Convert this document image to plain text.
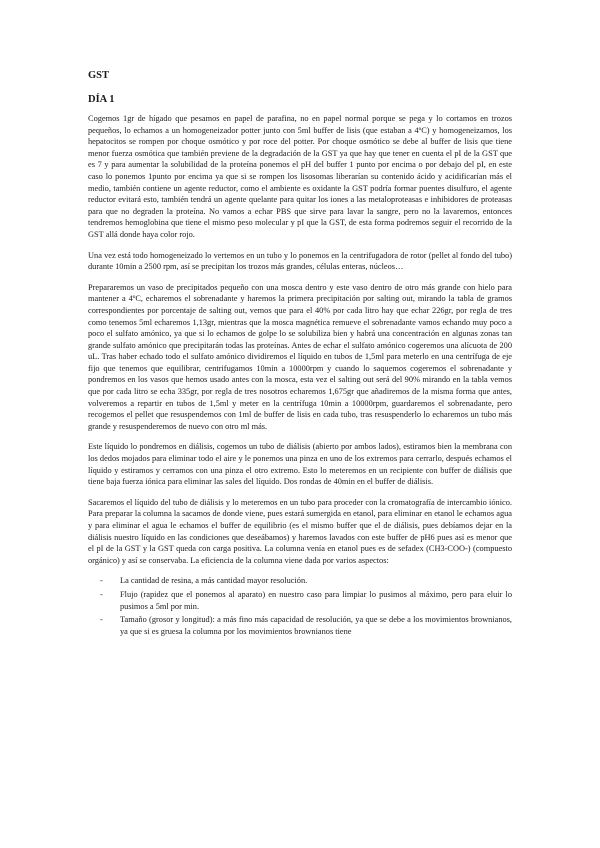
GST
DÍA 1

Cogemos 1gr de hígado que pesamos en papel de parafina, no en papel normal porque se pega y lo cortamos en trozos pequeños, lo echamos a un homogeneizador potter junto con 5ml buffer de lisis (que estaban a 4ºC) y homogeneizamos, los hepatocitos se rompen por choque osmótico y por roce del potter. Por choque osmótico se debe al buffer de lisis que tiene menor fuerza osmótica que también previene de la degradación de la GST ya que hay que tener en cuenta el pI de la GST que es 7 y para aumentar la solubilidad de la proteína ponemos el pH del buffer 1 punto por encima o por debajo del pI, en este caso lo ponemos 1punto por encima ya que si se rompen los lisosomas liberarían su contenido ácido y acidificarían más el medio, también contiene un agente reductor, como el ambiente es oxidante la GST podría formar puentes disulfuro, el agente reductor evitará esto, también tendrá un agente quelante para quitar los iones a las metaloproteasas e inhibidores de proteasas para que no degraden la proteína. No vamos a echar PBS que sirve para lavar la sangre, pero no la lavaremos, entonces tendremos hemoglobina que tiene el mismo peso molecular y pI que la GST, de esta forma podremos seguir el recorrido de la GST allá donde haya color rojo.

Una vez está todo homogeneizado lo vertemos en un tubo y lo ponemos en la centrifugadora de rotor (pellet al fondo del tubo) durante 10min a 2500 rpm, así se precipitan los trozos más grandes, células enteras, núcleos…

Prepararemos un vaso de precipitados pequeño con una mosca dentro y este vaso dentro de otro más grande con hielo para mantener a 4ºC, echaremos el sobrenadante y haremos la primera precipitación por salting out, mirando la tabla de gramos correspondientes por porcentaje de salting out, vemos que para el 40% por cada litro hay que echar 226gr, por regla de tres como tenemos 5ml echaremos 1,13gr, mientras que la mosca magnética remueve el sobrenadante vamos echando muy poco a poco el sulfato amónico, ya que si lo echamos de golpe lo se solubiliza bien y habrá una concentración en algunas zonas tan grande sulfato amónico que precipitarán todas las proteínas. Antes de echar el sulfato amónico cogeremos una alícuota de 200 uL. Tras haber echado todo el sulfato amónico dividiremos el líquido en tubos de 1,5ml para meterlo en una centrífuga de eje fijo que tenemos que equilibrar, centrifugamos 10min a 10000rpm y cuando lo saquemos cogeremos el sobrenadante y pondremos en los vasos que hemos usado antes con la mosca, esta vez el salting out será del 90% mirando en la tabla vemos que por cada litro se echa 335gr, por regla de tres nosotros echaremos 1,675gr que añadiremos de la misma forma que antes, volveremos a repartir en tubos de 1,5ml y meter en la centrífuga 10min a 10000rpm, guardaremos el sobrenadante, pero recogemos el pellet que resuspendemos con 1ml de buffer de lisis en cada tubo, tras resuspenderlo lo echaremos un tubo más grande y resuspenderemos de nuevo con otro ml más.

Este líquido lo pondremos en diálisis, cogemos un tubo de diálisis (abierto por ambos lados), estiramos bien la membrana con los dedos mojados para eliminar todo el aire y le ponemos una pinza en uno de los extremos para cerrarlo, después echamos el líquido y estiramos y cerramos con una pinza el otro extremo. Esto lo meteremos en un recipiente con buffer de diálisis que tiene baja fuerza iónica para eliminar las sales del líquido. Dos rondas de 40min en el buffer de diálisis.

Sacaremos el líquido del tubo de diálisis y lo meteremos en un tubo para proceder con la cromatografía de intercambio iónico. Para preparar la columna la sacamos de donde viene, pues estará sumergida en etanol, para eliminar en etanol le echamos agua y para eliminar el agua le echamos el buffer de equilibrio (es el mismo buffer que el de diálisis, pues debíamos dejar en la diálisis nuestro líquido en las condiciones que deseábamos) y haremos lavados con este buffer de pH6 pues así es menor que el pI de la GST y la GST queda con carga positiva. La columna venía en etanol pues es de sefadex (CH3-COO-) (compuesto orgánico) y así se conservaba. La eficiencia de la columna viene dada por varios aspectos:

- La cantidad de resina, a más cantidad mayor resolución.
- Flujo (rapidez que el ponemos al aparato) en nuestro caso para limpiar lo pusimos al máximo, pero para eluir lo pusimos a 5ml por min.
- Tamaño (grosor y longitud): a más fino más capacidad de resolución, ya que se debe a los movimientos brownianos, ya que si es gruesa la columna por los movimientos brownianos tiene
